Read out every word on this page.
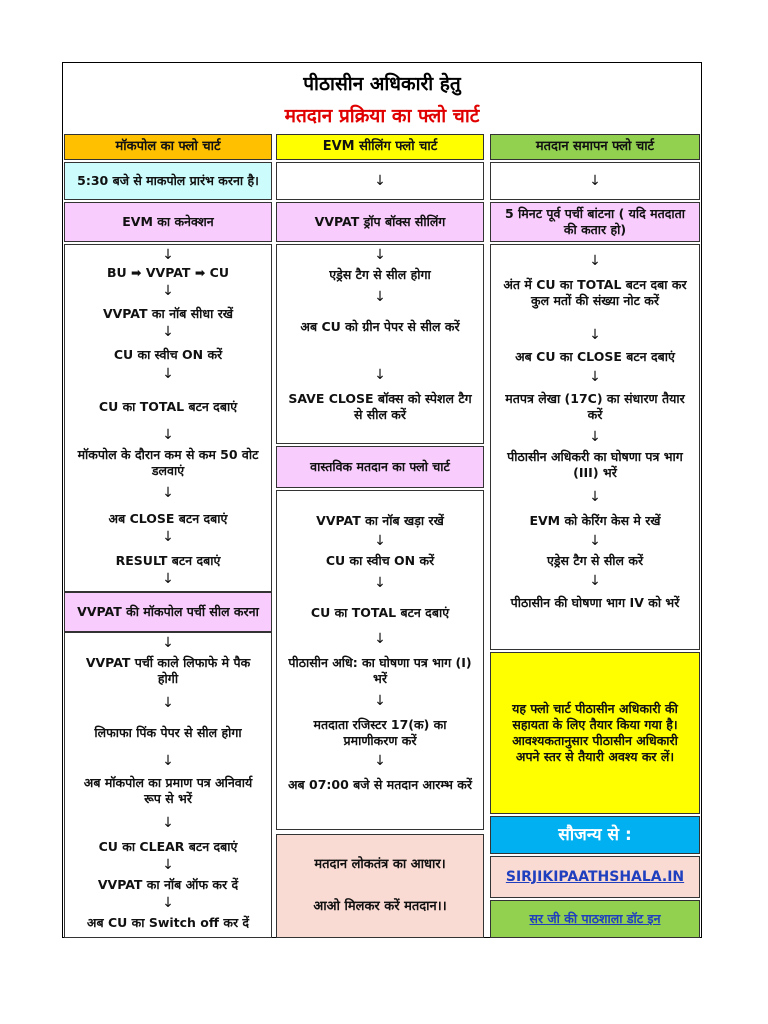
पीठासीन अधिकारी हेतु
मतदान प्रक्रिया का फ्लो चार्ट
मॉकपोल का फ्लो चार्ट	EVM सीलिंग फ्लो चार्ट	मतदान समापन फ्लो चार्ट
5:30 बजे से माकपोल प्रारंभ करना है।
EVM का कनेक्शन
↓
BU ➡ VVPAT ➡ CU
↓
VVPAT का नॉब सीधा रखें
↓
CU का स्वीच ON करें
↓
CU का TOTAL बटन दबाएं
↓
मॉकपोल के दौरान कम से कम 50 वोट डलवाएं
↓
अब CLOSE बटन दबाएं
↓
RESULT बटन दबाएं
↓
VVPAT की मॉकपोल पर्ची सील करना
↓
VVPAT पर्ची काले लिफाफे मे पैक होगी
↓
लिफाफा पिंक पेपर से सील होगा
↓
अब मॉकपोल का प्रमाण पत्र अनिवार्य रूप से भरें
↓
CU का CLEAR बटन दबाएं
↓
VVPAT का नॉब ऑफ कर दें
↓
अब CU का Switch off कर दें
↓
VVPAT ड्रॉप बॉक्स सीलिंग
↓
एड्रेस टैग से सील होगा
↓
अब CU को ग्रीन पेपर से सील करें
↓
SAVE CLOSE बॉक्स को स्पेशल टैग से सील करें
वास्तविक मतदान का फ्लो चार्ट
VVPAT का नॉब खड़ा रखें
↓
CU का स्वीच ON करें
↓
CU का TOTAL बटन दबाएं
↓
पीठासीन अधि: का घोषणा पत्र भाग (I) भरें
↓
मतदाता रजिस्टर 17(क) का प्रमाणीकरण करें
↓
अब 07:00 बजे से मतदान आरम्भ करें
मतदान लोकतंत्र का आधार।
आओ मिलकर करें मतदान।।
↓
5 मिनट पूर्व पर्ची बांटना ( यदि मतदाता की कतार हो)
↓
अंत में CU का TOTAL बटन दबा कर कुल मतों की संख्या नोट करें
↓
अब CU का CLOSE बटन दबाएं
↓
मतपत्र लेखा (17C) का संधारण तैयार करें
↓
पीठासीन अधिकरी का घोषणा पत्र भाग (III) भरें
↓
EVM को केरिंग केस मे रखें
↓
एड्रेस टैग से सील करें
↓
पीठासीन की घोषणा भाग IV को भरें
यह फ्लो चार्ट पीठासीन अधिकारी की सहायता के लिए तैयार किया गया है। आवश्यकतानुसार पीठासीन अधिकारी अपने स्तर से तैयारी अवश्य कर लें।
सौजन्य से :
SIRJIKIPAATHSHALA.IN
सर जी की पाठशाला डॉट इन
